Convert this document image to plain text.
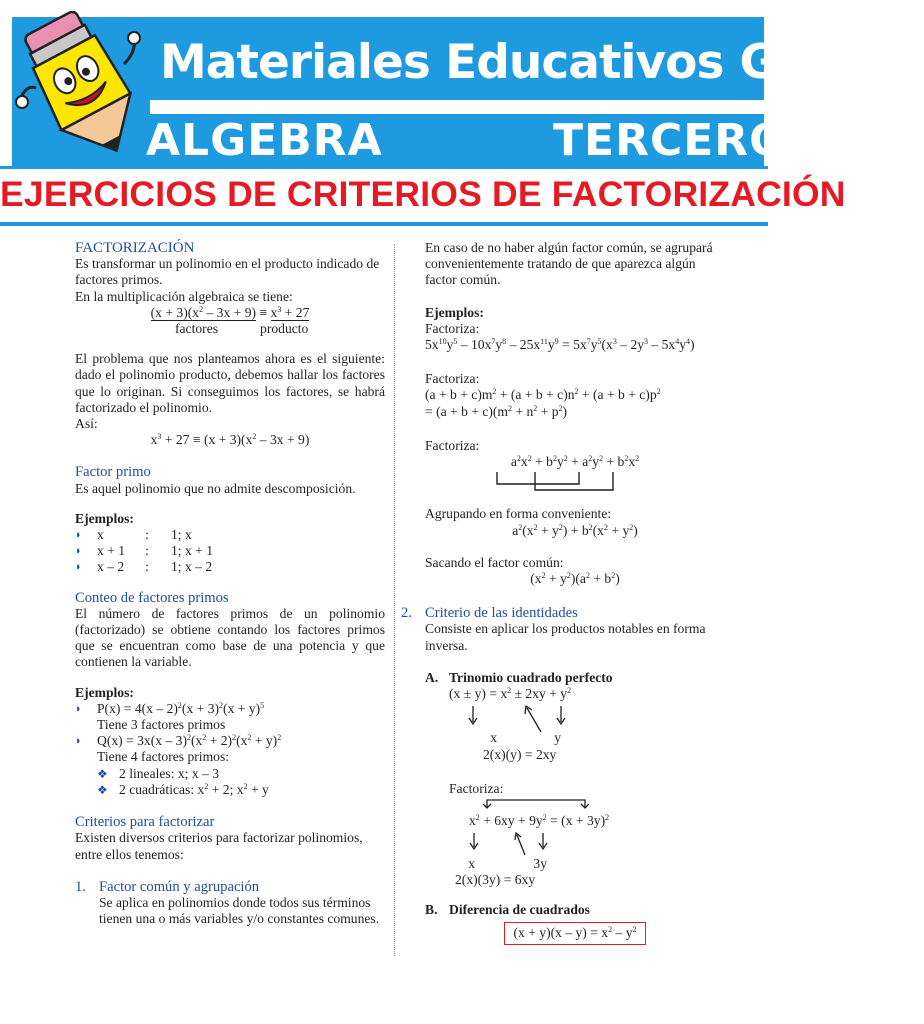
Materiales Educativos GRATIS
ALGEBRA	TERCERO
EJERCICIOS DE CRITERIOS DE FACTORIZACIÓN

FACTORIZACIÓN

Es transformar un polinomio en el producto indicado de factores primos.

En la multiplicación algebraica se tiene:

$(x + 3)(x^2 - 3x + 9) \equiv x^3 + 27$

factores	producto

El problema que nos planteamos ahora es el siguiente: dado el polinomio producto, debemos hallar los factores que lo originan. Si conseguimos los factores, se habrá factorizado el polinomio.

Así:

$x^3 + 27 \equiv (x + 3)(x^2 - 3x + 9)$

Factor primo

Es aquel polinomio que no admite descomposición.

Ejemplos:

◗ x	:	1; x
◗ x + 1	:	1; x + 1
◗ x – 2	:	1; x – 2

Conteo de factores primos

El número de factores primos de un polinomio (factorizado) se obtiene contando los factores primos que se encuentran como base de una potencia y que contienen la variable.

Ejemplos:

◗ $P(x) = 4(x - 2)^2(x + 3)^2(x + y)^5$

Tiene 3 factores primos

◗ $Q(x) = 3x(x - 3)^2(x^2 + 2)^2(x^2 + y)^2$

Tiene 4 factores primos:

❖ 2 lineales: x; x – 3
❖ 2 cuadráticas: $x^2 + 2$; $x^2 + y$

Criterios para factorizar

Existen diversos criterios para factorizar polinomios, entre ellos tenemos:

1. Factor común y agrupación

Se aplica en polinomios donde todos sus términos tienen una o más variables y/o constantes comunes.

En caso de no haber algún factor común, se agrupará convenientemente tratando de que aparezca algún factor común.

Ejemplos:

Factoriza:

$5x^{10}y^5 - 10x^7y^8 - 25x^{11}y^9 = 5x^7y^5(x^3 - 2y^3 - 5x^4y^4)$

Factoriza:

$(a + b + c)m^2 + (a + b + c)n^2 + (a + b + c)p^2$

= $(a + b + c)(m^2 + n^2 + p^2)$

Factoriza:

$a^2x^2 + b^2y^2 + a^2y^2 + b^2x^2$

Agrupando en forma conveniente:

$a^2(x^2 + y^2) + b^2(x^2 + y^2)$

Sacando el factor común:

$(x^2 + y^2)(a^2 + b^2)$

2. Criterio de las identidades

Consiste en aplicar los productos notables en forma inversa.

A. Trinomio cuadrado perfecto

$(x \pm y) = x^2 \pm 2xy + y^2$

x	y

2(x)(y) = 2xy

Factoriza:

$x^2 + 6xy + 9y^2 = (x + 3y)^2$

x	3y

2(x)(3y) = 6xy

B. Diferencia de cuadrados

$(x + y)(x - y) = x^2 - y^2$
